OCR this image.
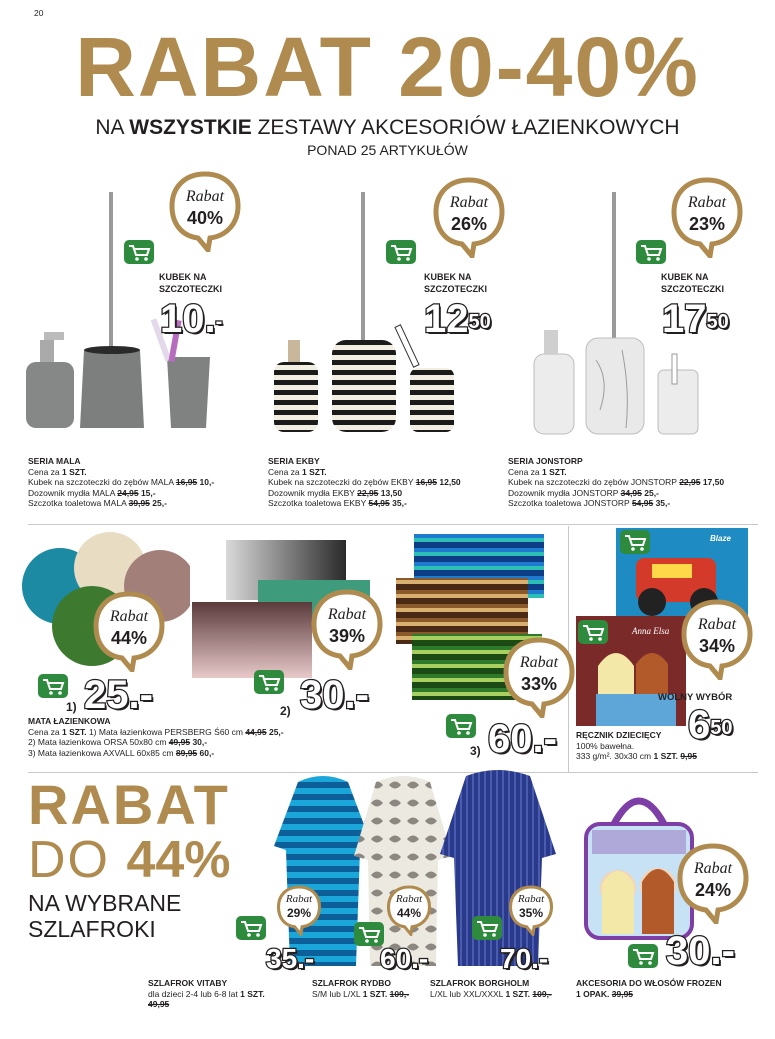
20
RABAT 20-40%
NA WSZYSTKIE ZESTAWY AKCESORIÓW ŁAZIENKOWYCH
PONAD 25 ARTYKUŁÓW
Rabat
40%
KUBEK NA
SZCZOTECZKI
10.-
Rabat
26%
KUBEK NA
SZCZOTECZKI
$12^{50}$
Rabat
23%
KUBEK NA
SZCZOTECZKI
$17^{50}$
SERIA MALA
Cena za 1 SZT.
Kubek na szczoteczki do zębów MALA 16,95 10,-
Dozownik mydła MALA 24,95 15,-
Szczotka toaletowa MALA 39,95 25,-
SERIA EKBY
Cena za 1 SZT.
Kubek na szczoteczki do zębów EKBY 16,95 12,50
Dozownik mydła EKBY 22,95 13,50
Szczotka toaletowa EKBY 54,95 35,-
SERIA JONSTORP
Cena za 1 SZT.
Kubek na szczoteczki do zębów JONSTORP 22,95 17,50
Dozownik mydła JONSTORP 34,95 25,-
Szczotka toaletowa JONSTORP 54,95 35,-
Rabat
44%
Rabat
39%
Rabat
33%
1) 25.-	2) 30.-
3) 60.-
MATA ŁAZIENKOWA
Cena za 1 SZT. 1) Mata łazienkowa PERSBERG Ś60 cm 44,95 25,-
2) Mata łazienkowa ORSA 50x80 cm 49,95 30,-
3) Mata łazienkowa AXVALL 60x85 cm 89,95 60,-
Blaze
Anna Elsa	Rabat
34%
WOLNY WYBÓR
$6^{50}$
RĘCZNIK DZIECIĘCY
100% bawełna.
333 g/m². 30x30 cm 1 SZT. 9,95
RABAT
DO 44%
NA WYBRANE
SZLAFROKI
Rabat
29%
Rabat
44%
Rabat
35%
35.- 60.-	70.-
SZLAFROK VITABY
dla dzieci 2-4 lub 6-8 lat 1 SZT. 49,95
SZLAFROK RYDBO
S/M lub L/XL 1 SZT. 109,-
SZLAFROK BORGHOLM
L/XL lub XXL/XXXL 1 SZT. 109,-
Rabat
24%
30.-
AKCESORIA DO WŁOSÓW FROZEN
1 OPAK. 39,95
